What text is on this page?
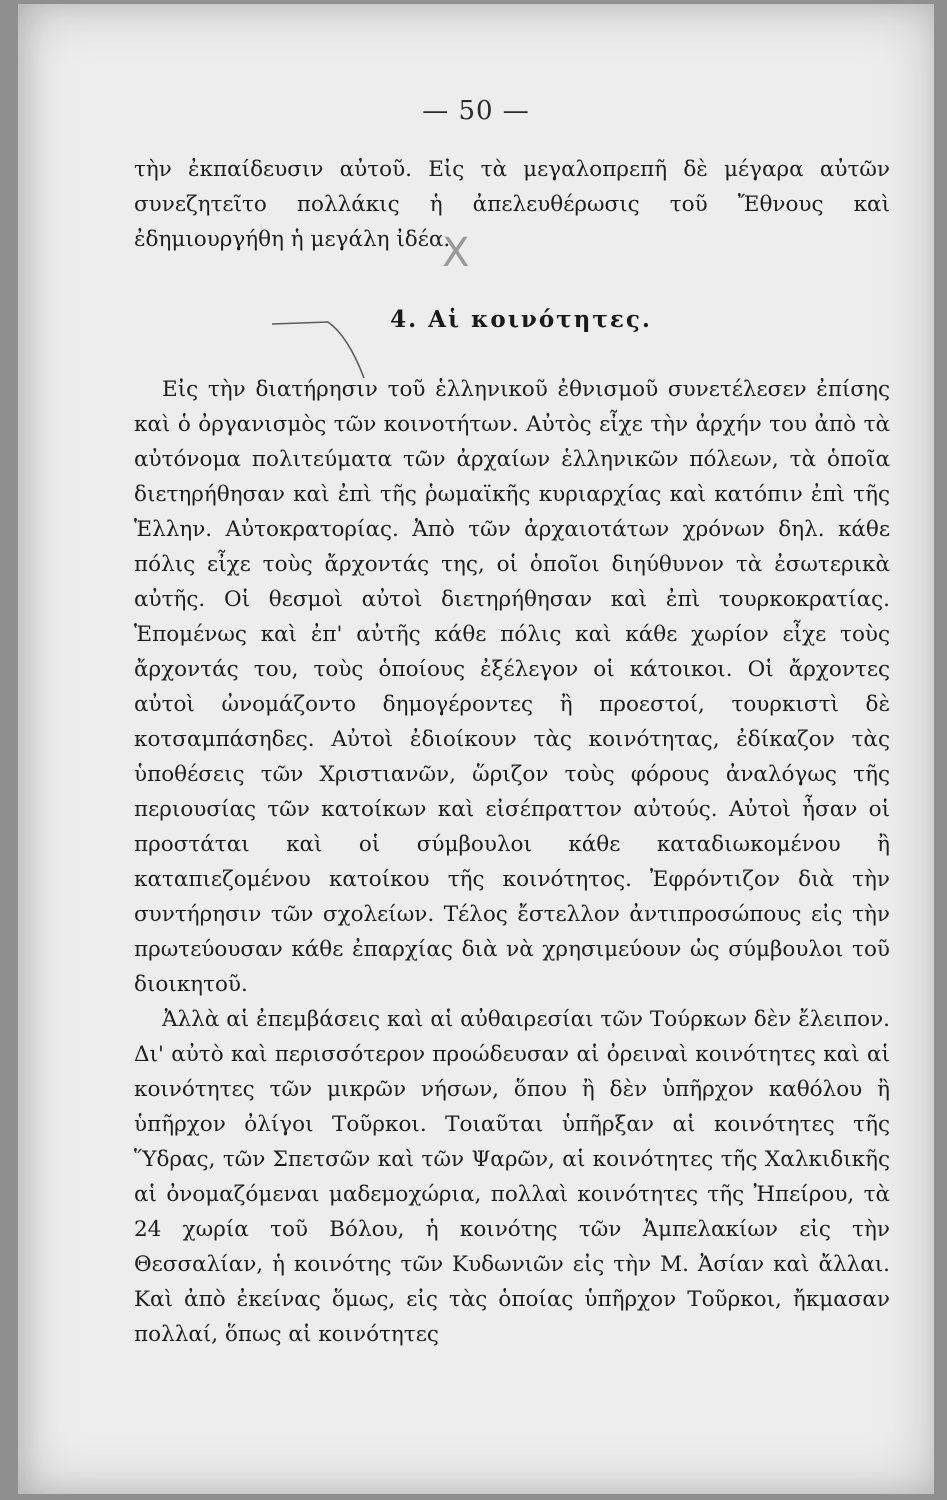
— 50 —

τὴν ἐκπαίδευσιν αὐτοῦ. Εἰς τὰ μεγαλοπρεπῆ δὲ μέγαρα αὐτῶν συνεζητεῖτο πολλάκις ἡ ἀπελευθέρωσις τοῦ Ἔθνους καὶ ἐδημιουργήθη ἡ μεγάλη ἰδέα.

X
4. Αἱ κοινότητες.

Εἰς τὴν διατήρησιν τοῦ ἑλληνικοῦ ἐθνισμοῦ συνετέλεσεν ἐπίσης καὶ ὁ ὀργανισμὸς τῶν κοινοτήτων. Αὐτὸς εἶχε τὴν ἀρχήν του ἀπὸ τὰ αὐτόνομα πολιτεύματα τῶν ἀρχαίων ἑλληνικῶν πόλεων, τὰ ὁποῖα διετηρήθησαν καὶ ἐπὶ τῆς ῥωμαϊκῆς κυριαρχίας καὶ κατόπιν ἐπὶ τῆς Ἑλλην. Αὐτοκρατορίας. Ἀπὸ τῶν ἀρχαιοτάτων χρόνων δηλ. κάθε πόλις εἶχε τοὺς ἄρχοντάς της, οἱ ὁποῖοι διηύθυνον τὰ ἐσωτερικὰ αὐτῆς. Οἱ θεσμοὶ αὐτοὶ διετηρήθησαν καὶ ἐπὶ τουρκοκρατίας. Ἑπομένως καὶ ἐπ' αὐτῆς κάθε πόλις καὶ κάθε χωρίον εἶχε τοὺς ἄρχοντάς του, τοὺς ὁποίους ἐξέλεγον οἱ κάτοικοι. Οἱ ἄρχοντες αὐτοὶ ὠνομάζοντο δημογέροντες ἢ προεστοί, τουρκιστὶ δὲ κοτσαμπάσηδες. Αὐτοὶ ἐδιοίκουν τὰς κοινότητας, ἐδίκαζον τὰς ὑποθέσεις τῶν Χριστιανῶν, ὥριζον τοὺς φόρους ἀναλόγως τῆς περιουσίας τῶν κατοίκων καὶ εἰσέπραττον αὐτούς. Αὐτοὶ ἦσαν οἱ προστάται καὶ οἱ σύμβουλοι κάθε καταδιωκομένου ἢ καταπιεζομένου κατοίκου τῆς κοινότητος. Ἐφρόντιζον διὰ τὴν συντήρησιν τῶν σχολείων. Τέλος ἔστελλον ἀντιπροσώπους εἰς τὴν πρωτεύουσαν κάθε ἐπαρχίας διὰ νὰ χρησιμεύουν ὡς σύμβουλοι τοῦ διοικητοῦ.

Ἀλλὰ αἱ ἐπεμβάσεις καὶ αἱ αὐθαιρεσίαι τῶν Τούρκων δὲν ἔλειπον. Δι' αὐτὸ καὶ περισσότερον προώδευσαν αἱ ὀρειναὶ κοινότητες καὶ αἱ κοινότητες τῶν μικρῶν νήσων, ὅπου ἢ δὲν ὑπῆρχον καθόλου ἢ ὑπῆρχον ὀλίγοι Τοῦρκοι. Τοιαῦται ὑπῆρξαν αἱ κοινότητες τῆς Ὕδρας, τῶν Σπετσῶν καὶ τῶν Ψαρῶν, αἱ κοινότητες τῆς Χαλκιδικῆς αἱ ὀνομαζόμεναι μαδεμοχώρια, πολλαὶ κοινότητες τῆς Ἠπείρου, τὰ 24 χωρία τοῦ Βόλου, ἡ κοινότης τῶν Ἀμπελακίων εἰς τὴν Θεσσαλίαν, ἡ κοινότης τῶν Κυδωνιῶν εἰς τὴν Μ. Ἀσίαν καὶ ἄλλαι. Καὶ ἀπὸ ἐκείνας ὅμως, εἰς τὰς ὁποίας ὑπῆρχον Τοῦρκοι, ἤκμασαν πολλαί, ὅπως αἱ κοινότητες
